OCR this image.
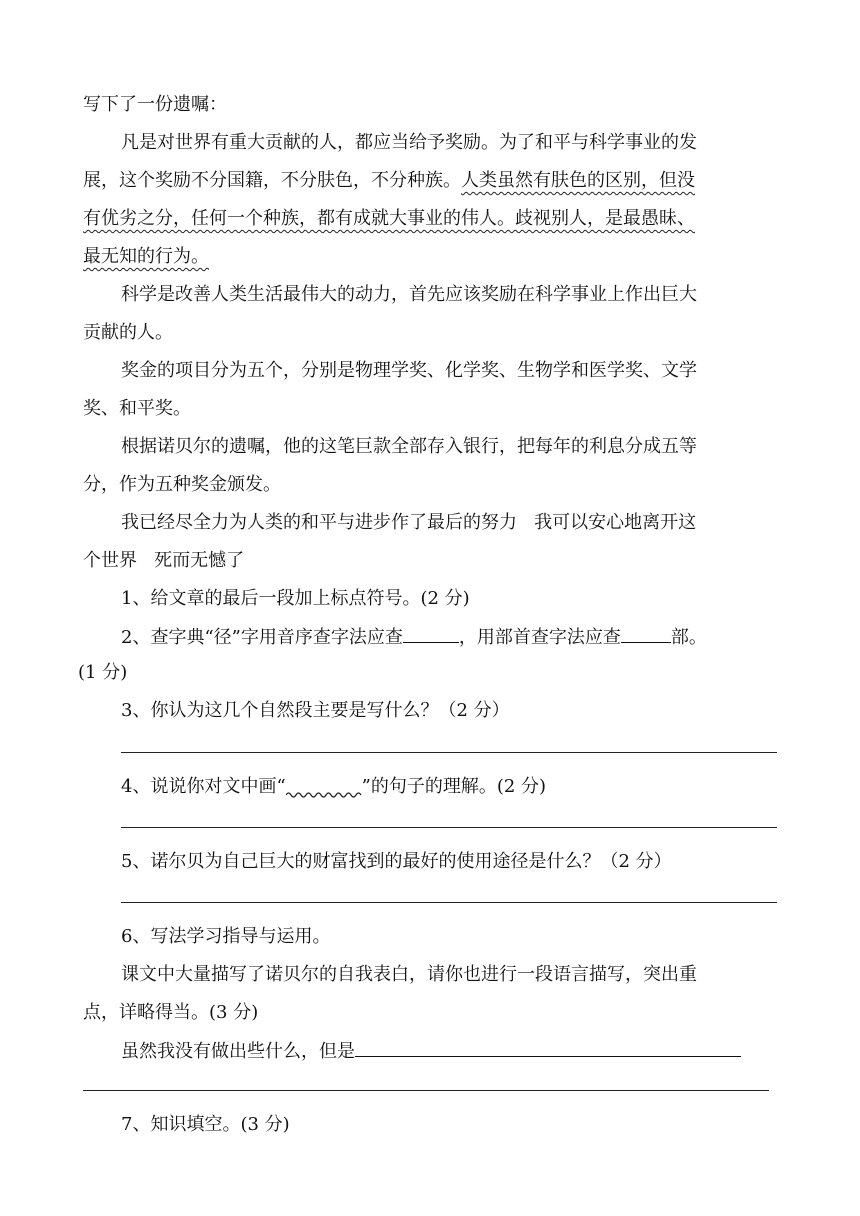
写下了一份遗嘱：
凡是对世界有重大贡献的人，都应当给予奖励。为了和平与科学事业的发
展，这个奖励不分国籍，不分肤色，不分种族。人类虽然有肤色的区别，但没
有优劣之分，任何一个种族，都有成就大事业的伟人。歧视别人，是最愚昧、
最无知的行为。
科学是改善人类生活最伟大的动力，首先应该奖励在科学事业上作出巨大
贡献的人。
奖金的项目分为五个，分别是物理学奖、化学奖、生物学和医学奖、文学
奖、和平奖。
根据诺贝尔的遗嘱，他的这笔巨款全部存入银行，把每年的利息分成五等
分，作为五种奖金颁发。
我已经尽全力为人类的和平与进步作了最后的努力   我可以安心地离开这
个世界   死而无憾了
1、给文章的最后一段加上标点符号。(2 分)
2、查字典“径”字用音序查字法应查	，用部首查字法应查	部。
(1 分)
3、你认为这几个自然段主要是写什么？（2 分）
4、说说你对文中画“	”的句子的理解。(2 分)
5、诺尔贝为自己巨大的财富找到的最好的使用途径是什么？（2 分）
6、写法学习指导与运用。
课文中大量描写了诺贝尔的自我表白，请你也进行一段语言描写，突出重
点，详略得当。(3 分)
虽然我没有做出些什么，但是
7、知识填空。(3 分)
